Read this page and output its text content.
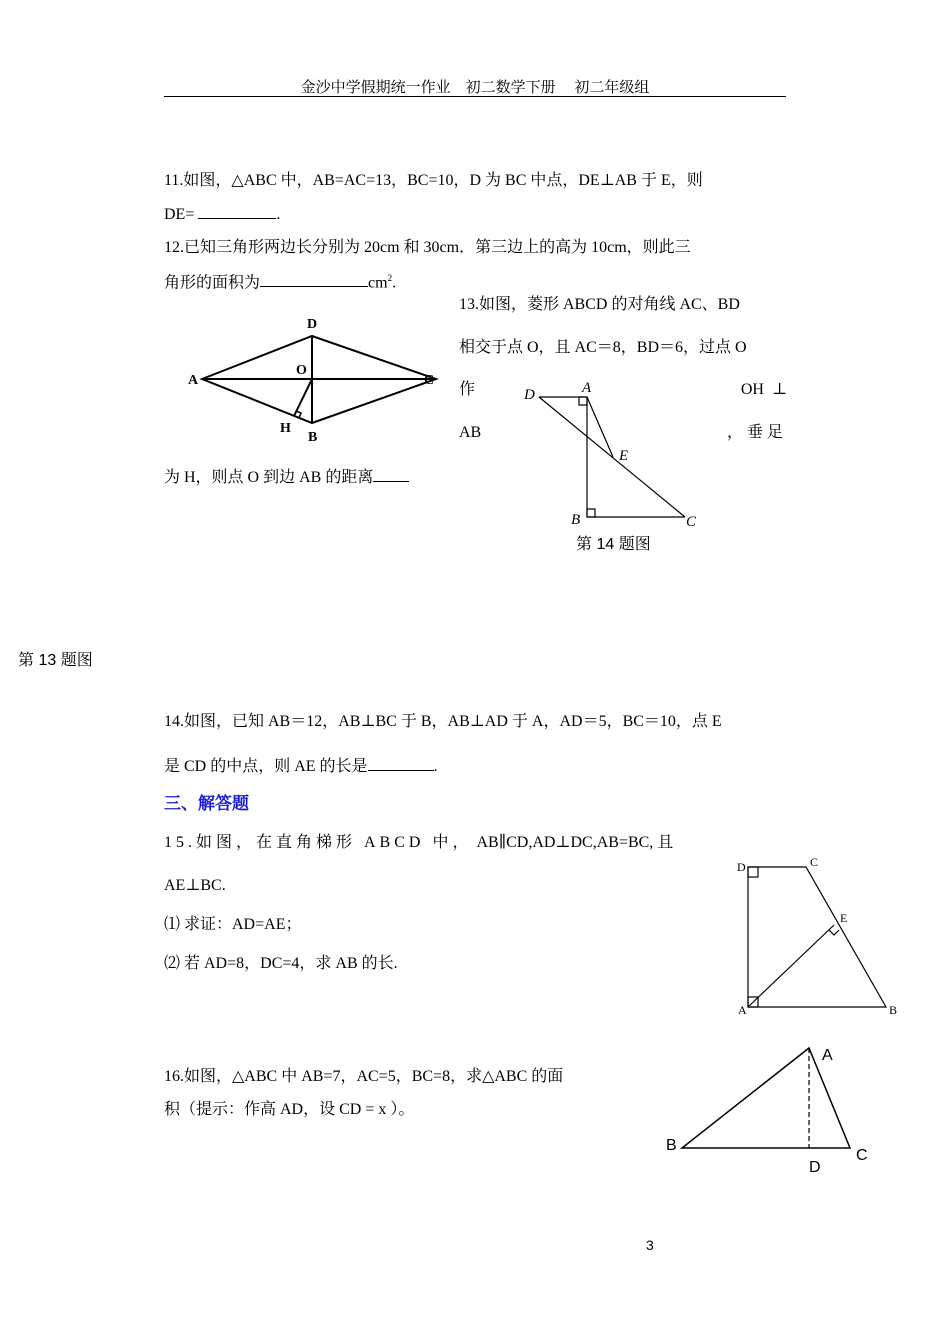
金沙中学假期统一作业    初二数学下册     初二年级组
11.如图，△ABC 中，AB=AC=13，BC=10，D 为 BC 中点，DE⊥AB 于 E，则
DE=	.
12.已知三角形两边长分别为 20cm 和 30cm．第三边上的高为 10cm，则此三
角形的面积为	$cm^2$.
13.如图，菱形 ABCD 的对角线 AC、BD
相交于点 O，且 AC＝8，BD＝6，过点 O
作	OH  ⊥
AB	，垂足
为 H，则点 O 到边 AB 的距离
D
A	C
O
H
B
D	A
E
B	C
第 14 题图
第 13 题图
14.如图，已知 AB＝12，AB⊥BC 于 B，AB⊥AD 于 A，AD＝5，BC＝10，点 E
是 CD 的中点，则 AE 的长是	.
三、解答题
15.如图，在直角梯形 ABCD 中， AB∥CD,AD⊥DC,AB=BC, 且
AE⊥BC.
⑴ 求证：AD=AE；
⑵ 若 AD=8，DC=4，求 AB 的长.
D	C
E
A	B
16.如图，△ABC 中 AB=7，AC=5，BC=8，求△ABC 的面
积（提示：作高 AD，设 CD = x ）。
A
B
C
D
3
